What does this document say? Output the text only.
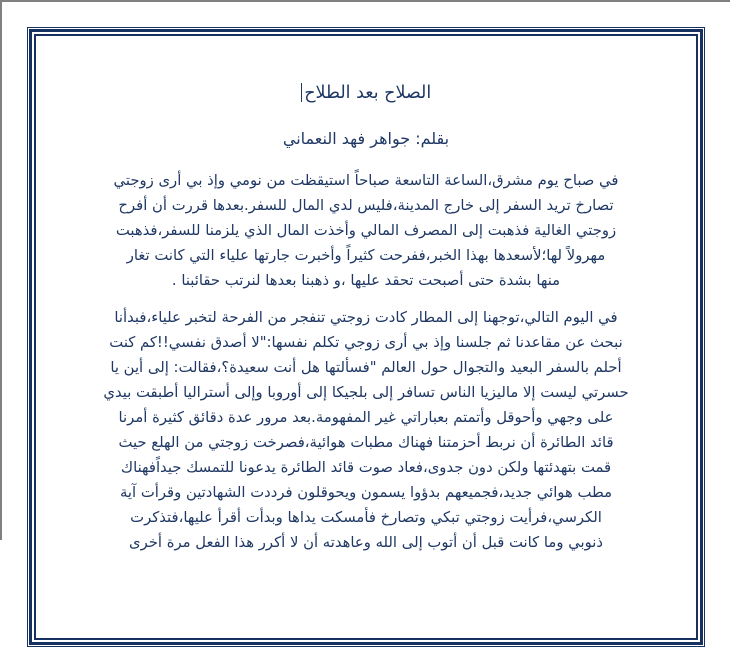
الصلاح بعد الطلاح
بقلم: جواهر فهد النعماني
في صباح يوم مشرق،الساعة التاسعة صباحاً استيقظت من نومي وإذ بي أرى زوجتي
تصارخ تريد السفر إلى خارج المدينة،فليس لدي المال للسفر.بعدها قررت أن أفرح
زوجتي الغالية فذهبت إلى المصرف المالي وأخذت المال الذي يلزمنا للسفر،فذهبت
مهرولاً لها؛لأسعدها بهذا الخبر،ففرحت كثيراً وأخبرت جارتها علياء التي كانت تغار
منها بشدة حتى أصبحت تحقد عليها ،و ذهبنا بعدها لنرتب حقائبنا .
في اليوم التالي،توجهنا إلى المطار كادت زوجتي تنفجر من الفرحة لتخبر علياء،فبدأنا
نبحث عن مقاعدنا ثم جلسنا وإذ بي أرى زوجي تكلم نفسها:"لا أصدق نفسي!!كم كنت
أحلم بالسفر البعيد والتجوال حول العالم "فسألتها هل أنت سعيدة؟،فقالت: إلى أين يا
حسرتي ليست إلا ماليزيا الناس تسافر إلى بلجيكا إلى أوروبا وإلى أستراليا أطبقت بيدي
على وجهي وأحوقل وأتمتم بعباراتي غير المفهومة.بعد مرور عدة دقائق كثيرة أمرنا
قائد الطائرة أن نربط أحزمتنا فهناك مطبات هوائية،فصرخت زوجتي من الهلع حيث
قمت بتهدئتها ولكن دون جدوى،فعاد صوت قائد الطائرة يدعونا للتمسك جيداًفهناك
مطب هوائي جديد،فجميعهم بدؤوا يسمون ويحوقلون فرددت الشهادتين وقرأت آية
الكرسي،فرأيت زوجتي تبكي وتصارخ فأمسكت يداها وبدأت أقرأ عليها،فتذكرت
ذنوبي وما كانت قبل أن أتوب إلى الله وعاهدته أن لا أكرر هذا الفعل مرة أخرى
